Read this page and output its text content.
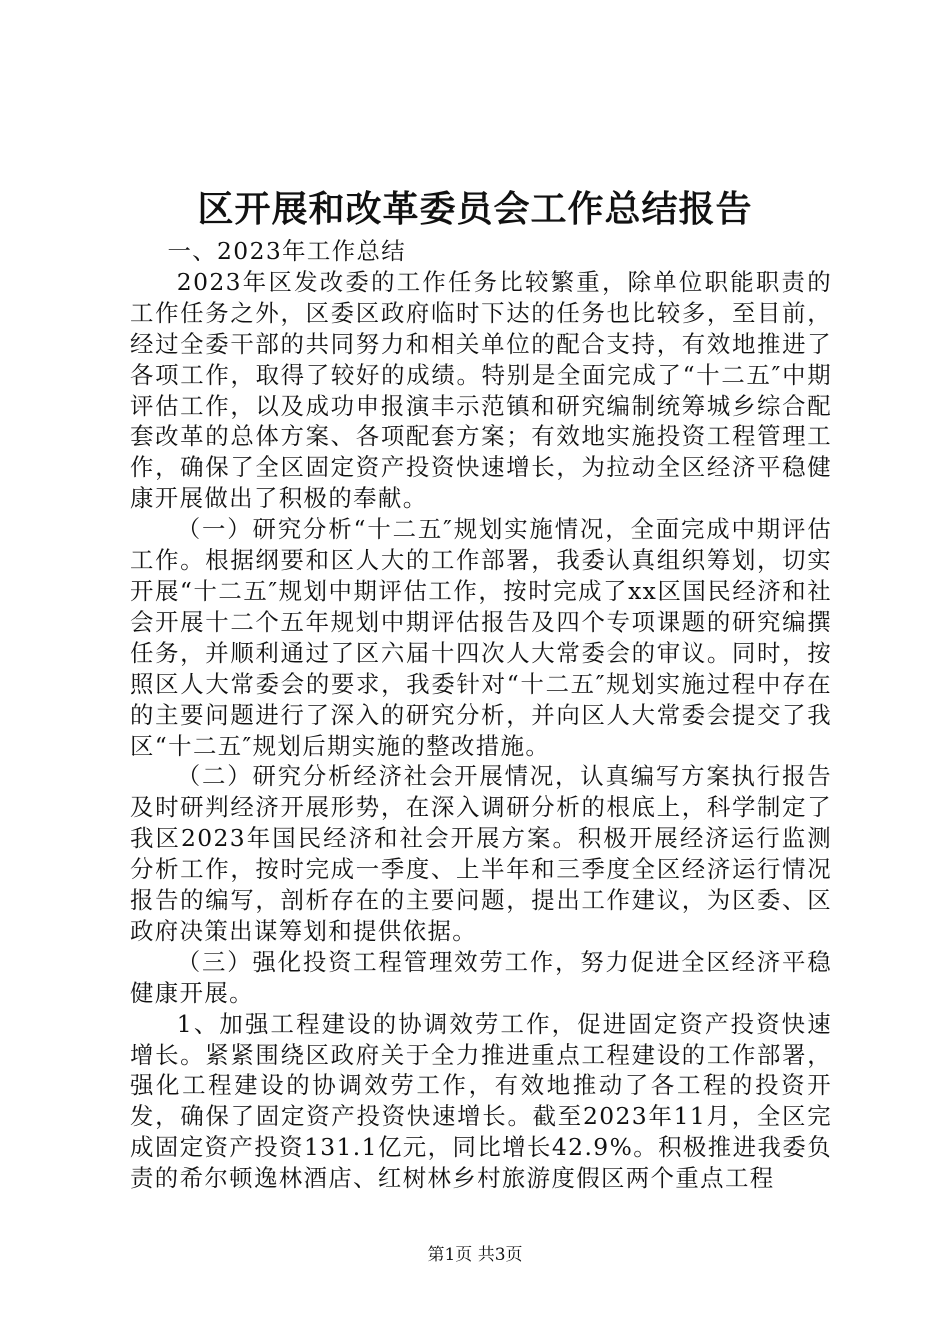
区开展和改革委员会工作总结报告

一、2023年工作总结

2023年区发改委的工作任务比较繁重，除单位职能职责的工作任务之外，区委区政府临时下达的任务也比较多，至目前，经过全委干部的共同努力和相关单位的配合支持，有效地推进了各项工作，取得了较好的成绩。特别是全面完成了“十二五″中期评估工作，以及成功申报演丰示范镇和研究编制统筹城乡综合配套改革的总体方案、各项配套方案；有效地实施投资工程管理工作，确保了全区固定资产投资快速增长，为拉动全区经济平稳健康开展做出了积极的奉献。

（一）研究分析“十二五″规划实施情况，全面完成中期评估工作。根据纲要和区人大的工作部署，我委认真组织筹划，切实开展“十二五″规划中期评估工作，按时完成了xx区国民经济和社会开展十二个五年规划中期评估报告及四个专项课题的研究编撰任务，并顺利通过了区六届十四次人大常委会的审议。同时，按照区人大常委会的要求，我委针对“十二五″规划实施过程中存在的主要问题进行了深入的研究分析，并向区人大常委会提交了我区“十二五″规划后期实施的整改措施。

（二）研究分析经济社会开展情况，认真编写方案执行报告及时研判经济开展形势，在深入调研分析的根底上，科学制定了我区2023年国民经济和社会开展方案。积极开展经济运行监测分析工作，按时完成一季度、上半年和三季度全区经济运行情况报告的编写，剖析存在的主要问题，提出工作建议，为区委、区政府决策出谋筹划和提供依据。

（三）强化投资工程管理效劳工作，努力促进全区经济平稳健康开展。

1、加强工程建设的协调效劳工作，促进固定资产投资快速增长。紧紧围绕区政府关于全力推进重点工程建设的工作部署，强化工程建设的协调效劳工作，有效地推动了各工程的投资开发，确保了固定资产投资快速增长。截至2023年11月，全区完成固定资产投资131.1亿元，同比增长42.9%。积极推进我委负责的希尔顿逸林酒店、红树林乡村旅游度假区两个重点工程

第1页 共3页
